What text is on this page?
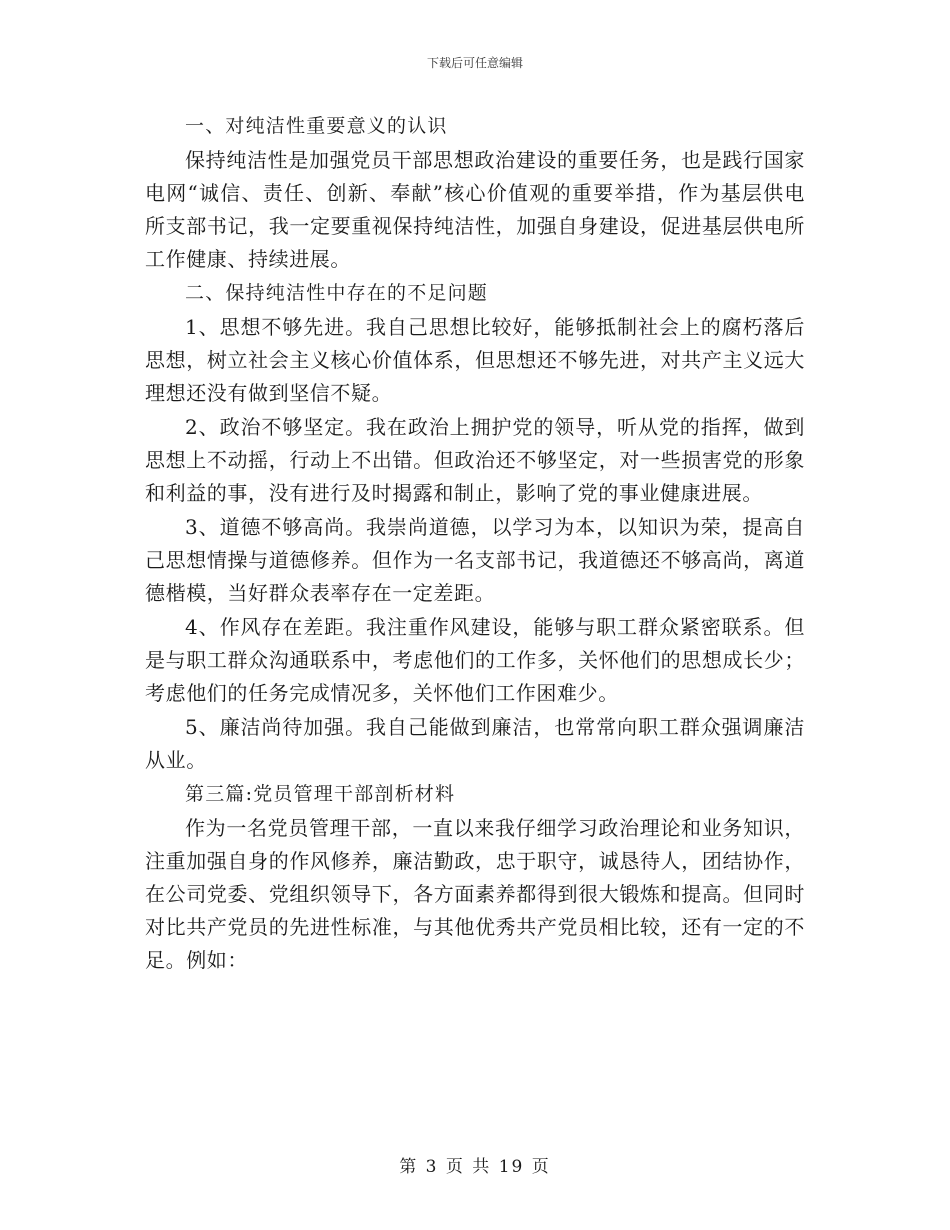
下载后可任意编辑

一、对纯洁性重要意义的认识

保持纯洁性是加强党员干部思想政治建设的重要任务，也是践行国家电网“诚信、责任、创新、奉献”核心价值观的重要举措，作为基层供电所支部书记，我一定要重视保持纯洁性，加强自身建设，促进基层供电所工作健康、持续进展。

二、保持纯洁性中存在的不足问题

1、思想不够先进。我自己思想比较好，能够抵制社会上的腐朽落后思想，树立社会主义核心价值体系，但思想还不够先进，对共产主义远大理想还没有做到坚信不疑。

2、政治不够坚定。我在政治上拥护党的领导，听从党的指挥，做到思想上不动摇，行动上不出错。但政治还不够坚定，对一些损害党的形象和利益的事，没有进行及时揭露和制止，影响了党的事业健康进展。

3、道德不够高尚。我崇尚道德，以学习为本，以知识为荣，提高自己思想情操与道德修养。但作为一名支部书记，我道德还不够高尚，离道德楷模，当好群众表率存在一定差距。

4、作风存在差距。我注重作风建设，能够与职工群众紧密联系。但是与职工群众沟通联系中，考虑他们的工作多，关怀他们的思想成长少；考虑他们的任务完成情况多，关怀他们工作困难少。

5、廉洁尚待加强。我自己能做到廉洁，也常常向职工群众强调廉洁从业。

第三篇:党员管理干部剖析材料

作为一名党员管理干部，一直以来我仔细学习政治理论和业务知识，注重加强自身的作风修养，廉洁勤政，忠于职守，诚恳待人，团结协作，在公司党委、党组织领导下，各方面素养都得到很大锻炼和提高。但同时对比共产党员的先进性标准，与其他优秀共产党员相比较，还有一定的不足。例如：

第 3 页 共 19 页
